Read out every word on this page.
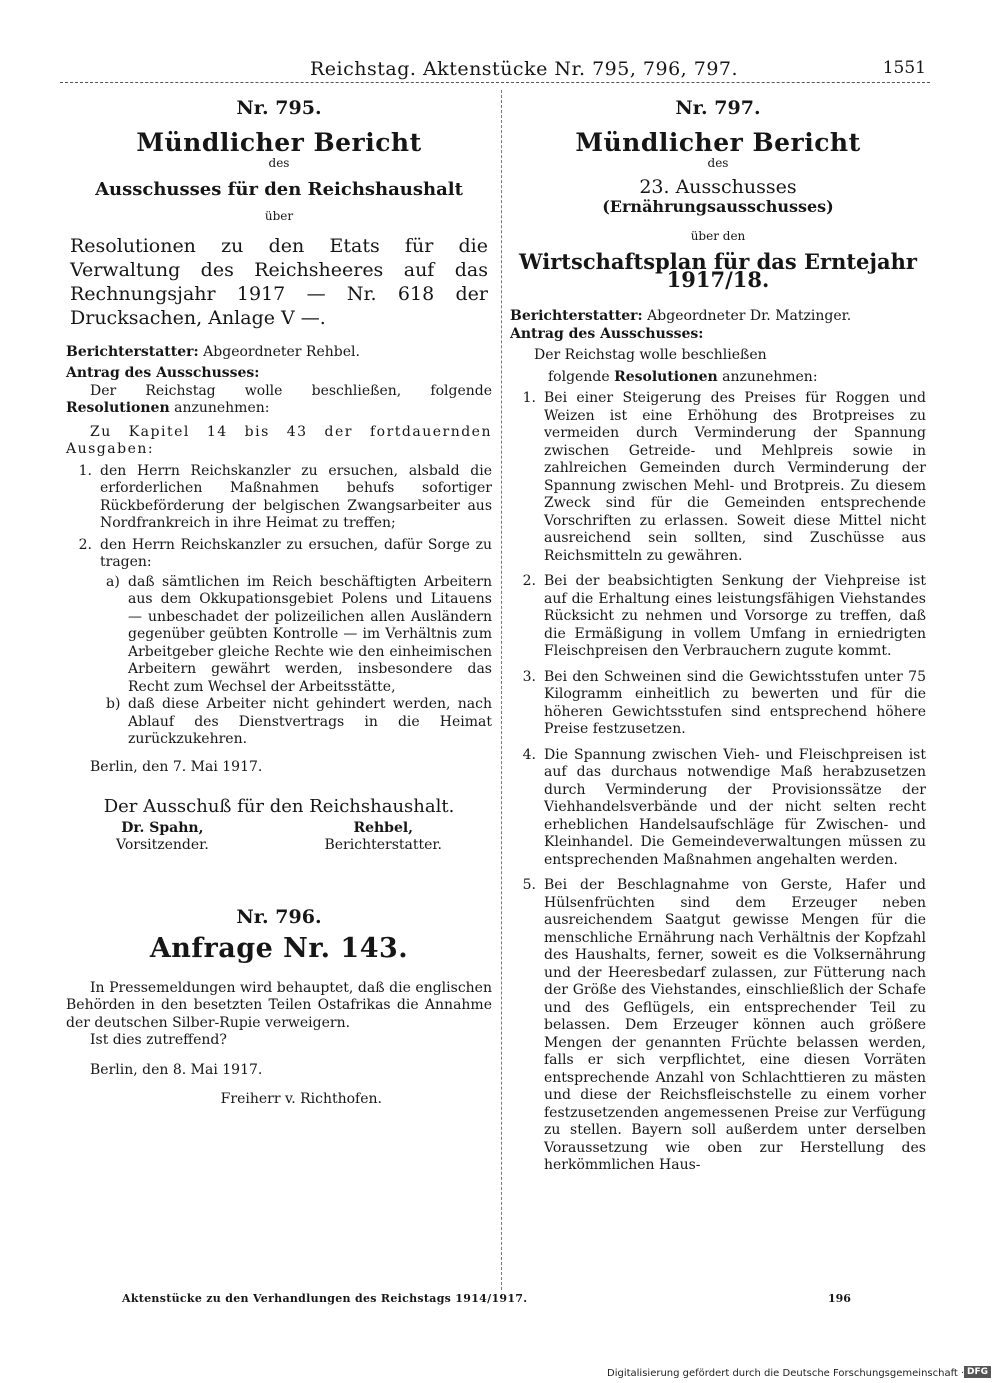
Reichstag. Aktenstücke Nr. 795, 796, 797.	1551
Nr. 795.
Mündlicher Bericht
des
Ausschusses für den Reichshaushalt
über
Resolutionen zu den Etats für die Verwaltung des Reichsheeres auf das Rechnungsjahr 1917 — Nr. 618 der Drucksachen, Anlage V —.
Berichterstatter: Abgeordneter Rehbel.
Antrag des Ausschusses:
Der Reichstag wolle beschließen, folgende Resolutionen anzunehmen:
Zu Kapitel 14 bis 43 der fortdauernden Ausgaben:
1. den Herrn Reichskanzler zu ersuchen, alsbald die erforderlichen Maßnahmen behufs sofortiger Rückbeförderung der belgischen Zwangsarbeiter aus Nordfrankreich in ihre Heimat zu treffen;
2. den Herrn Reichskanzler zu ersuchen, dafür Sorge zu tragen:
a) daß sämtlichen im Reich beschäftigten Arbeitern aus dem Okkupationsgebiet Polens und Litauens — unbeschadet der polizeilichen allen Ausländern gegenüber geübten Kontrolle — im Verhältnis zum Arbeitgeber gleiche Rechte wie den einheimischen Arbeitern gewährt werden, insbesondere das Recht zum Wechsel der Arbeitsstätte,
b) daß diese Arbeiter nicht gehindert werden, nach Ablauf des Dienstvertrags in die Heimat zurückzukehren.
Berlin, den 7. Mai 1917.
Der Ausschuß für den Reichshaushalt.
Dr. Spahn,
Vorsitzender.
Rehbel,
Berichterstatter.
Nr. 796.
Anfrage Nr. 143.
In Pressemeldungen wird behauptet, daß die englischen Behörden in den besetzten Teilen Ostafrikas die Annahme der deutschen Silber-Rupie verweigern.
Ist dies zutreffend?
Berlin, den 8. Mai 1917.
Freiherr v. Richthofen.
Nr. 797.
Mündlicher Bericht
des
23. Ausschusses
(Ernährungsausschusses)
über den
Wirtschaftsplan für das Erntejahr 1917/18.
Berichterstatter: Abgeordneter Dr. Matzinger.
Antrag des Ausschusses:
Der Reichstag wolle beschließen
folgende Resolutionen anzunehmen:
1. Bei einer Steigerung des Preises für Roggen und Weizen ist eine Erhöhung des Brotpreises zu vermeiden durch Verminderung der Spannung zwischen Getreide- und Mehlpreis sowie in zahlreichen Gemeinden durch Verminderung der Spannung zwischen Mehl- und Brotpreis. Zu diesem Zweck sind für die Gemeinden entsprechende Vorschriften zu erlassen. Soweit diese Mittel nicht ausreichend sein sollten, sind Zuschüsse aus Reichsmitteln zu gewähren.
2. Bei der beabsichtigten Senkung der Viehpreise ist auf die Erhaltung eines leistungsfähigen Viehstandes Rücksicht zu nehmen und Vorsorge zu treffen, daß die Ermäßigung in vollem Umfang in erniedrigten Fleischpreisen den Verbrauchern zugute kommt.
3. Bei den Schweinen sind die Gewichtsstufen unter 75 Kilogramm einheitlich zu bewerten und für die höheren Gewichtsstufen sind entsprechend höhere Preise festzusetzen.
4. Die Spannung zwischen Vieh- und Fleischpreisen ist auf das durchaus notwendige Maß herabzusetzen durch Verminderung der Provisionssätze der Viehhandelsverbände und der nicht selten recht erheblichen Handelsaufschläge für Zwischen- und Kleinhandel. Die Gemeindeverwaltungen müssen zu entsprechenden Maßnahmen angehalten werden.
5. Bei der Beschlagnahme von Gerste, Hafer und Hülsenfrüchten sind dem Erzeuger neben ausreichendem Saatgut gewisse Mengen für die menschliche Ernährung nach Verhältnis der Kopfzahl des Haushalts, ferner, soweit es die Volksernährung und der Heeresbedarf zulassen, zur Fütterung nach der Größe des Viehstandes, einschließlich der Schafe und des Geflügels, ein entsprechender Teil zu belassen. Dem Erzeuger können auch größere Mengen der genannten Früchte belassen werden, falls er sich verpflichtet, eine diesen Vorräten entsprechende Anzahl von Schlachttieren zu mästen und diese der Reichsfleischstelle zu einem vorher festzusetzenden angemessenen Preise zur Verfügung zu stellen. Bayern soll außerdem unter derselben Voraussetzung wie oben zur Herstellung des herkömmlichen Haus-
Aktenstücke zu den Verhandlungen des Reichstags 1914/1917.	196
Digitalisierung gefördert durch die Deutsche Forschungsgemeinschaft · DFG
